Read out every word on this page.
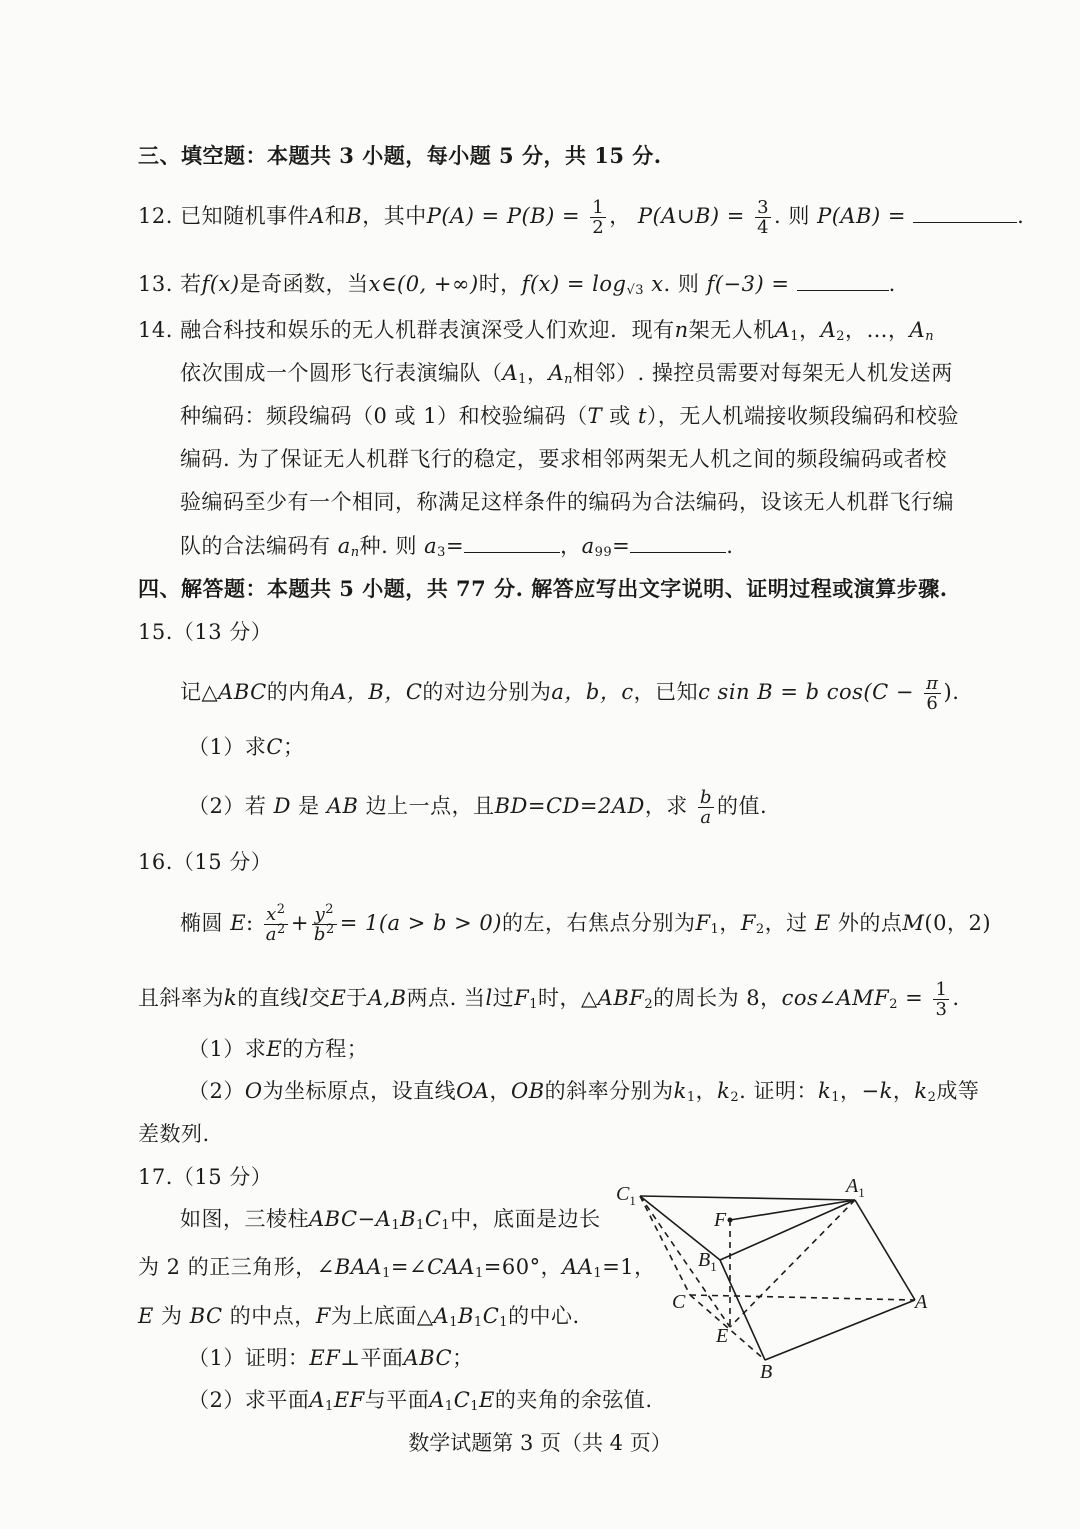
三、填空题：本题共 3 小题，每小题 5 分，共 15 分.
12. 已知随机事件A和B，其中$P(A) = P(B) = \frac{1}{2}$ ， P(A∪B) = $\frac{3}{4}$ . 则 P(AB) =	.
13. 若f(x)是奇函数，当x∈(0, +∞)时，$f(x) = \log_{√3} x$. 则 f(−3) =	.
14. 融合科技和娱乐的无人机群表演深受人们欢迎．现有n架无人机$A_1$，$A_2$，…，$A_n$
依次围成一个圆形飞行表演编队（$A_1$，$A_n$相邻）. 操控员需要对每架无人机发送两
种编码：频段编码（0 或 1）和校验编码（T 或 t），无人机端接收频段编码和校验
编码. 为了保证无人机群飞行的稳定，要求相邻两架无人机之间的频段编码或者校
验编码至少有一个相同，称满足这样条件的编码为合法编码，设该无人机群飞行编
队的合法编码有 $a_n$种. 则 $a_3=$	，$a_{99}=$	.
四、解答题：本题共 5 小题，共 77 分. 解答应写出文字说明、证明过程或演算步骤.
15.（13 分）
记△ABC的内角A，B，C的对边分别为a，b，c，已知c sin B = b $\cos(C - \frac{\pi}{6}$ ).
（1）求C；
（2）若 D 是 AB 边上一点，且BD=CD=2AD，求 $\frac{b}{a}$ 的值.
16.（15 分）
椭圆 E: $\frac{x^2}{a^2} + \frac{y^2}{b^2} = 1(a > b > 0)$的左，右焦点分别为$F_1$，$F_2$，过 E 外的点M(0，2)
且斜率为k的直线l交E于A,B两点. 当l过$F_1$时，$\triangle ABF_2$的周长为 8，$\cos\angle AMF_2 = \frac{1}{3}$ .
（1）求E的方程；
（2）O为坐标原点，设直线OA，OB的斜率分别为$k_1$，$k_2$. 证明：$k_1$，−k，$k_2$成等
差数列.
17.（15 分）
如图，三棱柱$ABC-A_1B_1C_1$中，底面是边长
为 2 的正三角形，$\angle BAA_1=\angle CAA_1=60^\circ$，$AA_1=1$，
E 为 BC 的中点，F为上底面$\triangle A_1B_1C_1$的中心.
（1）证明：EF⊥平面ABC；
（2）求平面$A_1EF$与平面$A_1C_1E$的夹角的余弦值.
$C_1$
$A_1$
F
$B_1$
C	A
E
B
数学试题第 3 页（共 4 页）
